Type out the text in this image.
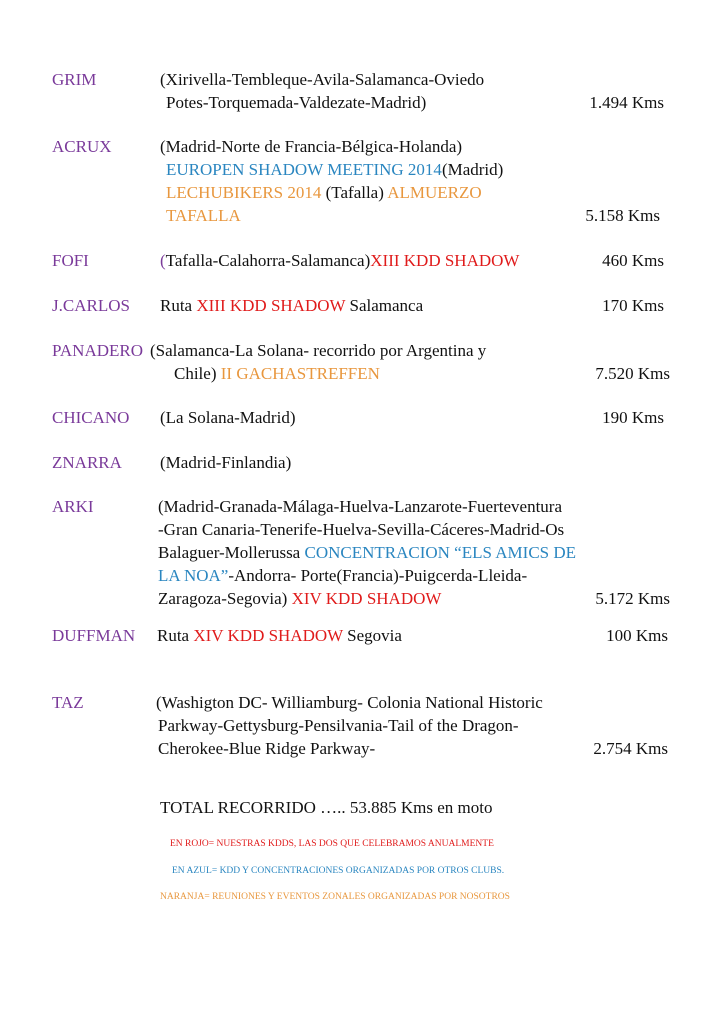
GRIM	(Xirivella-Tembleque-Avila-Salamanca-Oviedo
Potes-Torquemada-Valdezate-Madrid)	1.494 Kms
ACRUX	(Madrid-Norte de Francia-Bélgica-Holanda)
EUROPEN SHADOW MEETING 2014(Madrid)
LECHUBIKERS 2014 (Tafalla) ALMUERZO
TAFALLA	5.158 Kms
FOFI	(Tafalla-Calahorra-Salamanca)XIII KDD SHADOW	460 Kms
J.CARLOS Ruta XIII KDD SHADOW Salamanca	170 Kms
PANADERO (Salamanca-La Solana- recorrido por Argentina y
Chile) II GACHASTREFFEN	7.520 Kms
CHICANO (La Solana-Madrid)	190 Kms
ZNARRA (Madrid-Finlandia)
ARKI	(Madrid-Granada-Málaga-Huelva-Lanzarote-Fuerteventura
-Gran Canaria-Tenerife-Huelva-Sevilla-Cáceres-Madrid-Os
Balaguer-Mollerussa CONCENTRACION “ELS AMICS DE
LA NOA”-Andorra- Porte(Francia)-Puigcerda-Lleida-
Zaragoza-Segovia) XIV KDD SHADOW	5.172 Kms
DUFFMAN Ruta XIV KDD SHADOW Segovia	100 Kms
TAZ	(Washigton DC- Williamburg- Colonia National Historic
Parkway-Gettysburg-Pensilvania-Tail of the Dragon-
Cherokee-Blue Ridge Parkway-	2.754 Kms
TOTAL RECORRIDO ….. 53.885 Kms en moto
EN ROJO= NUESTRAS KDDS, LAS DOS QUE CELEBRAMOS ANUALMENTE
EN AZUL= KDD Y CONCENTRACIONES ORGANIZADAS POR OTROS CLUBS.
NARANJA= REUNIONES Y EVENTOS ZONALES ORGANIZADAS POR NOSOTROS
